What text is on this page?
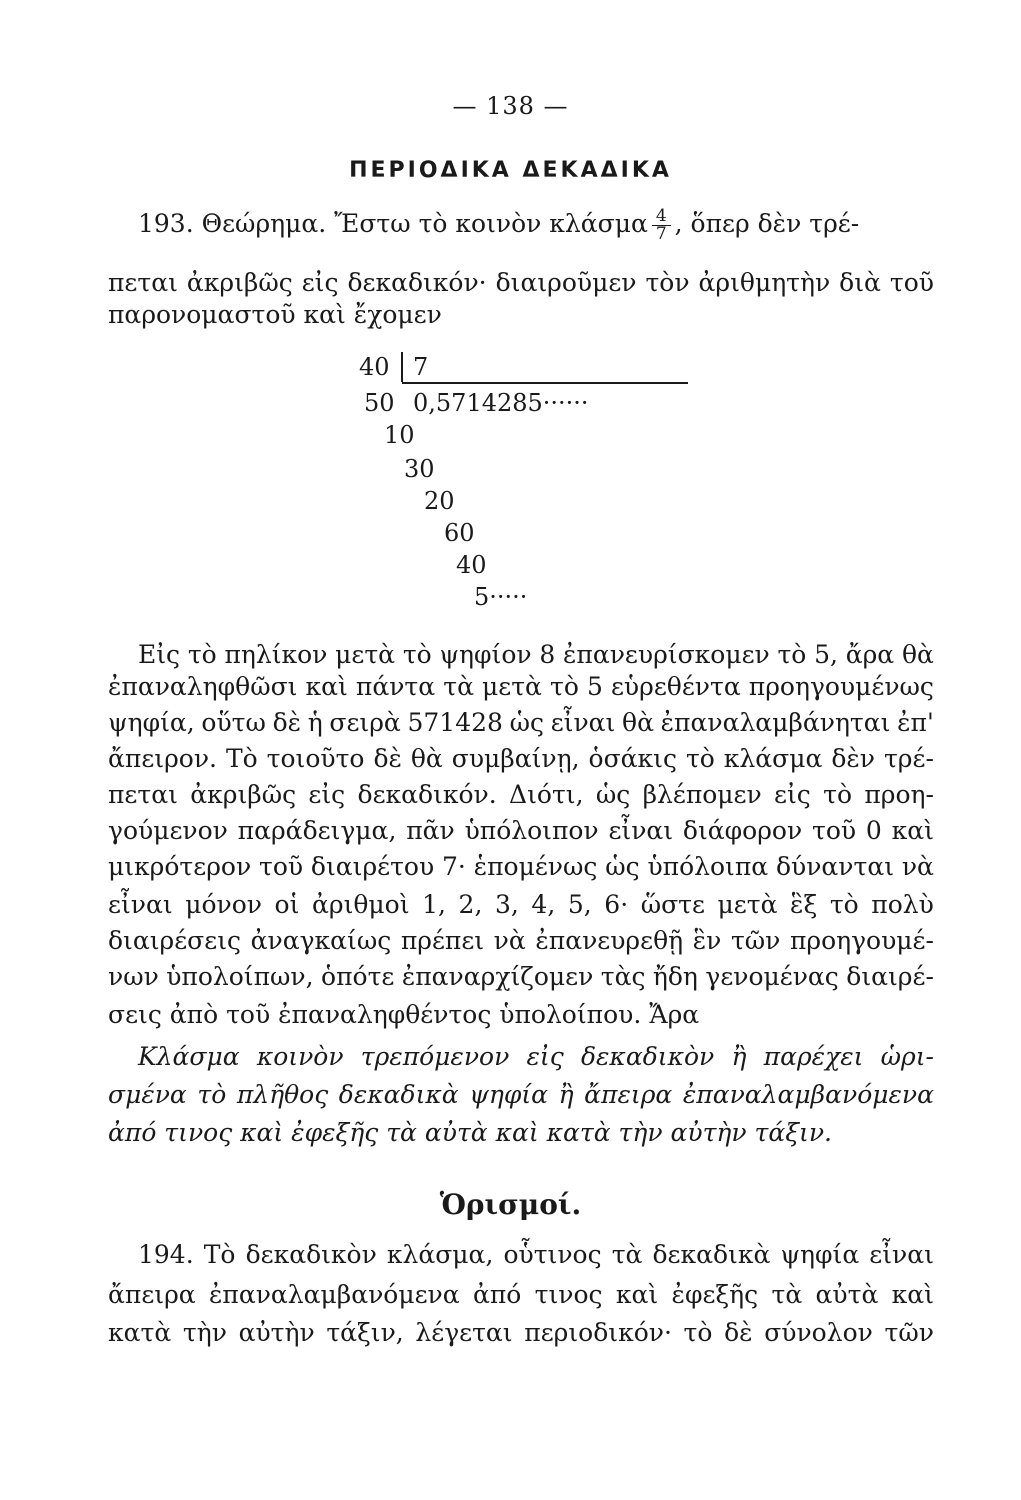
— 138 —
ΠΕΡΙΟΔΙΚΑ ΔΕΚΑΔΙΚΑ
193. Θεώρημα. Ἔστω τὸ κοινὸν κλάσμα $\frac{4}{7}$ , ὅπερ δὲν τρέ-
πεται ἀκριβῶς εἰς δεκαδικόν· διαιροῦμεν τὸν ἀριθμητὴν διὰ τοῦ
παρονομαστοῦ καὶ ἔχομεν
40 7
0,5714285······
50
10
30
20
60
40
5·····
Εἰς τὸ πηλίκον μετὰ τὸ ψηφίον 8 ἐπανευρίσκομεν τὸ 5, ἄρα θὰ
ἐπαναληφθῶσι καὶ πάντα τὰ μετὰ τὸ 5 εὑρεθέντα προηγουμένως
ψηφία, οὕτω δὲ ἡ σειρὰ 571428 ὡς εἶναι θὰ ἐπαναλαμβάνηται ἐπ'
ἄπειρον. Τὸ τοιοῦτο δὲ θὰ συμβαίνῃ, ὁσάκις τὸ κλάσμα δὲν τρέ-
πεται ἀκριβῶς εἰς δεκαδικόν. Διότι, ὡς βλέπομεν εἰς τὸ προη-
γούμενον παράδειγμα, πᾶν ὑπόλοιπον εἶναι διάφορον τοῦ 0 καὶ
μικρότερον τοῦ διαιρέτου 7· ἑπομένως ὡς ὑπόλοιπα δύνανται νὰ
εἶναι μόνον οἱ ἀριθμοὶ 1, 2, 3, 4, 5, 6· ὥστε μετὰ ἓξ τὸ πολὺ
διαιρέσεις ἀναγκαίως πρέπει νὰ ἐπανευρεθῇ ἓν τῶν προηγουμέ-
νων ὑπολοίπων, ὁπότε ἐπαναρχίζομεν τὰς ἤδη γενομένας διαιρέ-
σεις ἀπὸ τοῦ ἐπαναληφθέντος ὑπολοίπου. Ἄρα
Κλάσμα κοινὸν τρεπόμενον εἰς δεκαδικὸν ἢ παρέχει ὡρι-
σμένα τὸ πλῆθος δεκαδικὰ ψηφία ἢ ἄπειρα ἐπαναλαμβανόμενα
ἀπό τινος καὶ ἐφεξῆς τὰ αὐτὰ καὶ κατὰ τὴν αὐτὴν τάξιν.
Ὁρισμοί.
194. Τὸ δεκαδικὸν κλάσμα, οὗτινος τὰ δεκαδικὰ ψηφία εἶναι
ἄπειρα ἐπαναλαμβανόμενα ἀπό τινος καὶ ἐφεξῆς τὰ αὐτὰ καὶ
κατὰ τὴν αὐτὴν τάξιν, λέγεται περιοδικόν· τὸ δὲ σύνολον τῶν
